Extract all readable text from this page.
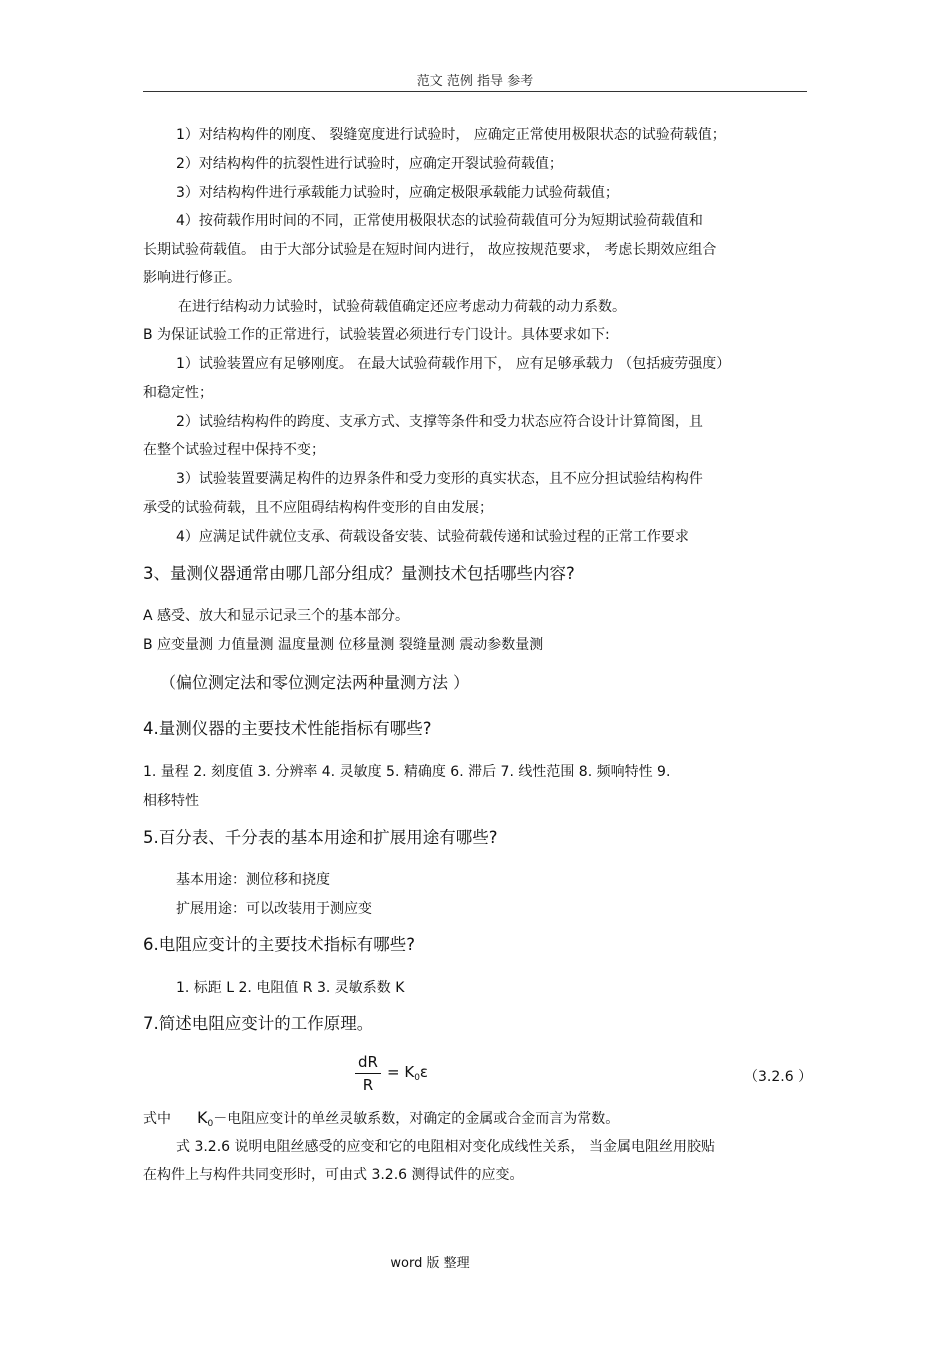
范文 范例 指导 参考
1）对结构构件的刚度、 裂缝宽度进行试验时， 应确定正常使用极限状态的试验荷载值；
2）对结构构件的抗裂性进行试验时，应确定开裂试验荷载值；
3）对结构构件进行承载能力试验时，应确定极限承载能力试验荷载值；
4）按荷载作用时间的不同，正常使用极限状态的试验荷载值可分为短期试验荷载值和
长期试验荷载值。 由于大部分试验是在短时间内进行， 故应按规范要求， 考虑长期效应组合
影响进行修正。
在进行结构动力试验时，试验荷载值确定还应考虑动力荷载的动力系数。
B 为保证试验工作的正常进行，试验装置必须进行专门设计。具体要求如下:
1）试验装置应有足够刚度。 在最大试验荷载作用下， 应有足够承载力 （包括疲劳强度）
和稳定性；
2）试验结构构件的跨度、支承方式、支撑等条件和受力状态应符合设计计算简图，且
在整个试验过程中保持不变；
3）试验装置要满足构件的边界条件和受力变形的真实状态，且不应分担试验结构构件
承受的试验荷载，且不应阻碍结构构件变形的自由发展；
4）应满足试件就位支承、荷载设备安装、试验荷载传递和试验过程的正常工作要求
3、量测仪器通常由哪几部分组成？量测技术包括哪些内容?
A 感受、放大和显示记录三个的基本部分。
B 应变量测 力值量测 温度量测 位移量测 裂缝量测 震动参数量测
（偏位测定法和零位测定法两种量测方法 ）
4.量测仪器的主要技术性能指标有哪些?
1. 量程 2. 刻度值 3. 分辨率 4. 灵敏度 5. 精确度 6. 滞后 7. 线性范围 8. 频响特性 9.
相移特性
5.百分表、千分表的基本用途和扩展用途有哪些?
基本用途：测位移和挠度
扩展用途：可以改装用于测应变
6.电阻应变计的主要技术指标有哪些?
1. 标距 L 2. 电阻值 R 3. 灵敏系数 K
7.简述电阻应变计的工作原理。
dR
R
= $K_0\varepsilon$	（3.2.6 ）
式中 $K_0-$电阻应变计的单丝灵敏系数，对确定的金属或合金而言为常数。
式 3.2.6 说明电阻丝感受的应变和它的电阻相对变化成线性关系， 当金属电阻丝用胶贴
在构件上与构件共同变形时，可由式 3.2.6 测得试件的应变。
word 版 整理
